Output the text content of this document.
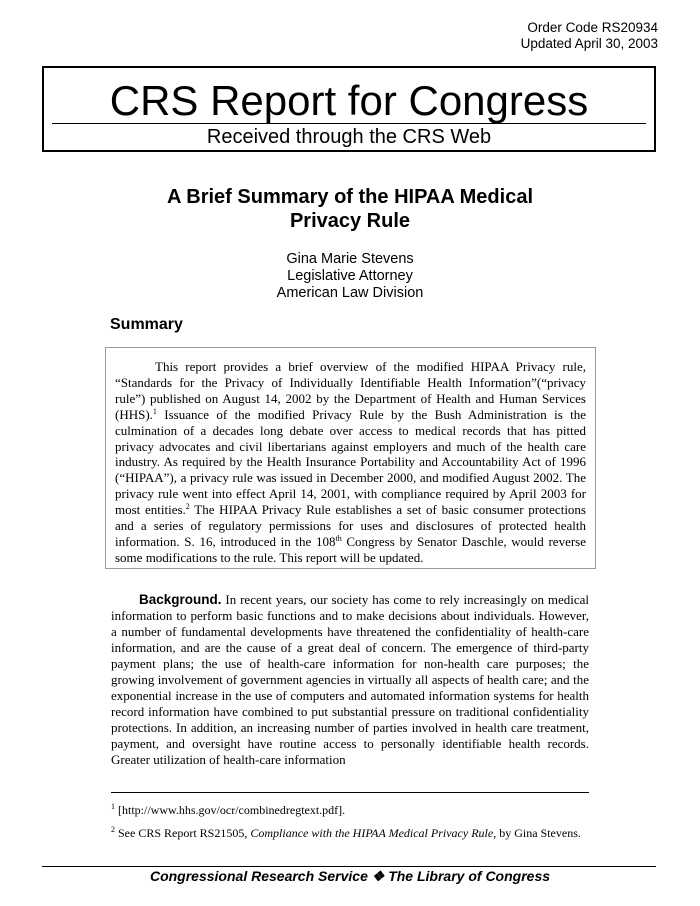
Order Code RS20934
Updated April 30, 2003
CRS Report for Congress
Received through the CRS Web
A Brief Summary of the HIPAA Medical
Privacy Rule
Gina Marie Stevens
Legislative Attorney
American Law Division
Summary

This report provides a brief overview of the modified HIPAA Privacy rule, “Standards for the Privacy of Individually Identifiable Health Information”(“privacy rule”) published on August 14, 2002 by the Department of Health and Human Services (HHS).$^1$ Issuance of the modified Privacy Rule by the Bush Administration is the culmination of a decades long debate over access to medical records that has pitted privacy advocates and civil libertarians against employers and much of the health care industry. As required by the Health Insurance Portability and Accountability Act of 1996 (“HIPAA”), a privacy rule was issued in December 2000, and modified August 2002. The privacy rule went into effect April 14, 2001, with compliance required by April 2003 for most entities.$^2$ The HIPAA Privacy Rule establishes a set of basic consumer protections and a series of regulatory permissions for uses and disclosures of protected health information. S. 16, introduced in the 108th Congress by Senator Daschle, would reverse some modifications to the rule. This report will be updated.

Background. In recent years, our society has come to rely increasingly on medical information to perform basic functions and to make decisions about individuals. However, a number of fundamental developments have threatened the confidentiality of health-care information, and are the cause of a great deal of concern. The emergence of third-party payment plans; the use of health-care information for non-health care purposes; the growing involvement of government agencies in virtually all aspects of health care; and the exponential increase in the use of computers and automated information systems for health record information have combined to put substantial pressure on traditional confidentiality protections. In addition, an increasing number of parties involved in health care treatment, payment, and oversight have routine access to personally identifiable health records. Greater utilization of health-care information

$^1$ [http://www.hhs.gov/ocr/combinedregtext.pdf].
$^2$ See CRS Report RS21505, Compliance with the HIPAA Medical Privacy Rule, by Gina Stevens.
Congressional Research Service ❖ The Library of Congress
